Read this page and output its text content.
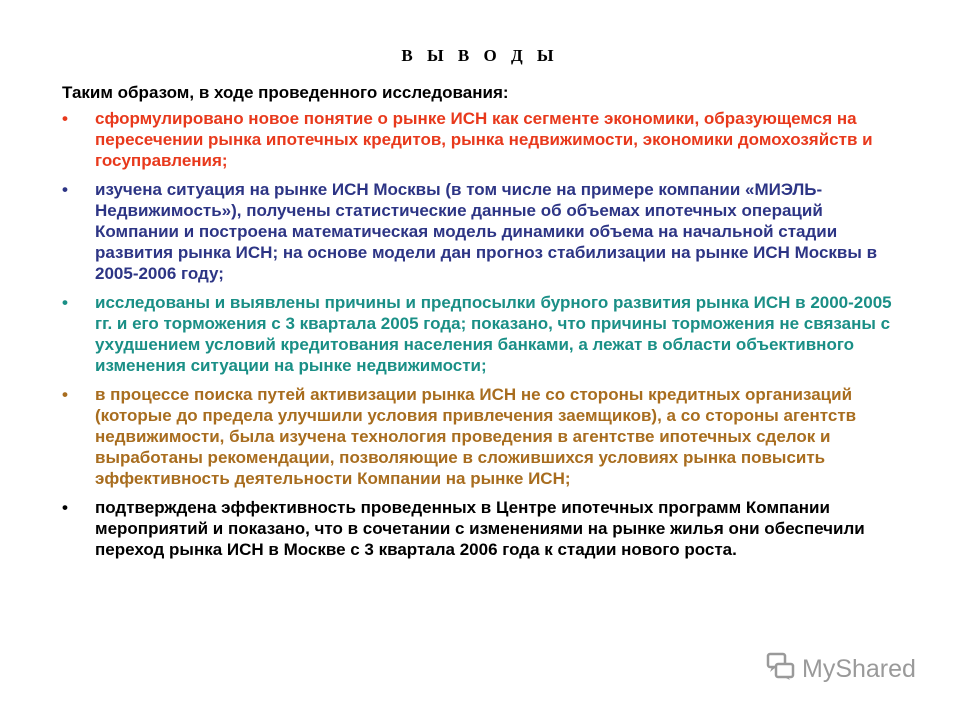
В Ы В О Д Ы
Таким образом, в ходе проведенного исследования:
• сформулировано новое понятие о рынке ИСН как сегменте экономики, образующемся на пересечении рынка ипотечных кредитов, рынка недвижимости, экономики домохозяйств и госуправления;
• изучена ситуация на рынке ИСН Москвы (в том числе на примере компании «МИЭЛЬ-Недвижимость»), получены статистические данные об объемах ипотечных операций Компании и построена математическая модель динамики объема на начальной стадии развития рынка ИСН; на основе модели дан прогноз стабилизации на рынке ИСН Москвы в 2005-2006 году;
• исследованы и выявлены причины и предпосылки бурного развития рынка ИСН в 2000-2005 гг. и его торможения с 3 квартала 2005 года; показано, что причины торможения не связаны с ухудшением условий кредитования населения банками, а лежат в области объективного изменения ситуации на рынке недвижимости;
• в процессе поиска путей активизации рынка ИСН не со стороны кредитных организаций (которые до предела улучшили условия привлечения заемщиков), а со стороны агентств недвижимости, была изучена технология проведения в агентстве ипотечных сделок и выработаны рекомендации, позволяющие в сложившихся условиях рынка повысить эффективность деятельности Компании на рынке ИСН;
• подтверждена эффективность проведенных в Центре ипотечных программ Компании мероприятий и показано, что в сочетании с изменениями на рынке жилья они обеспечили переход рынка ИСН в Москве с 3 квартала 2006 года к стадии нового роста.
MyShared
